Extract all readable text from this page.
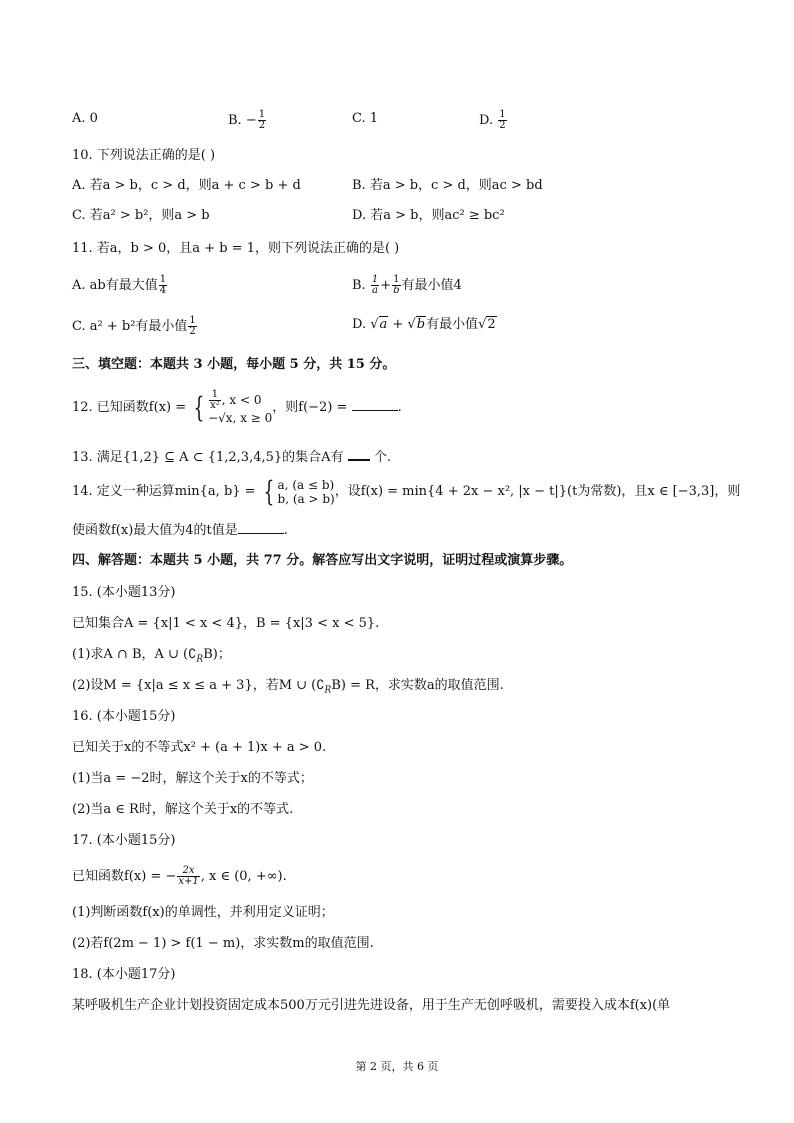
A. 0	B. − $\frac{1}{2}$	C. 1	D. $\frac{1}{2}$
10. 下列说法正确的是( )
A. 若a > b，c > d，则a + c > b + d	B. 若a > b，c > d，则ac > bd
C. 若a² > b²，则a > b	D. 若a > b，则ac² ≥ bc²
11. 若a，b > 0，且a + b = 1，则下列说法正确的是( )
A. ab有最大值 $\frac{1}{4}$	B. $\frac{1}{a} + \frac{1}{b}$ 有最小值4
C. a² + b²有最小值 $\frac{1}{2}$	D. √a + √b有最小值√2
三、填空题：本题共 3 小题，每小题 5 分，共 15 分。
12. 已知函数f(x) = { $\frac{1}{\text{x²}}$ , x < 0
−√x, x ≥ 0
，则f(−2) =	.
13. 满足{1,2} ⊆ A ⊂ {1,2,3,4,5}的集合A有 个.
14. 定义一种运算min{a, b} = { a, (a ≤ b)
b, (a > b) ，设f(x) = min{4 + 2x − x², |x − t|}(t为常数)，且x ∈ [−3,3]，则
使函数f(x)最大值为4的t值是	.
四、解答题：本题共 5 小题，共 77 分。解答应写出文字说明，证明过程或演算步骤。
15. (本小题13分)
已知集合A = {x|1 < x < 4}，B = {x|3 < x < 5}.
(1)求A ∩ B，A ∪ $(∁_RB)$；
(2)设M = {x|a ≤ x ≤ a + 3}，若M ∪ $(∁_RB) = R$，求实数a的取值范围.
16. (本小题15分)
已知关于x的不等式x² + (a + 1)x + a > 0.
(1)当a = −2时，解这个关于x的不等式；
(2)当a ∈ R时，解这个关于x的不等式.
17. (本小题15分)
已知函数f(x) = − $\frac{2x}{x+1}$ , x ∈ (0, +∞).
(1)判断函数f(x)的单调性，并利用定义证明；
(2)若f(2m − 1) > f(1 − m)，求实数m的取值范围.
18. (本小题17分)
某呼吸机生产企业计划投资固定成本500万元引进先进设备，用于生产无创呼吸机，需要投入成本f(x)(单
第 2 页，共 6 页
